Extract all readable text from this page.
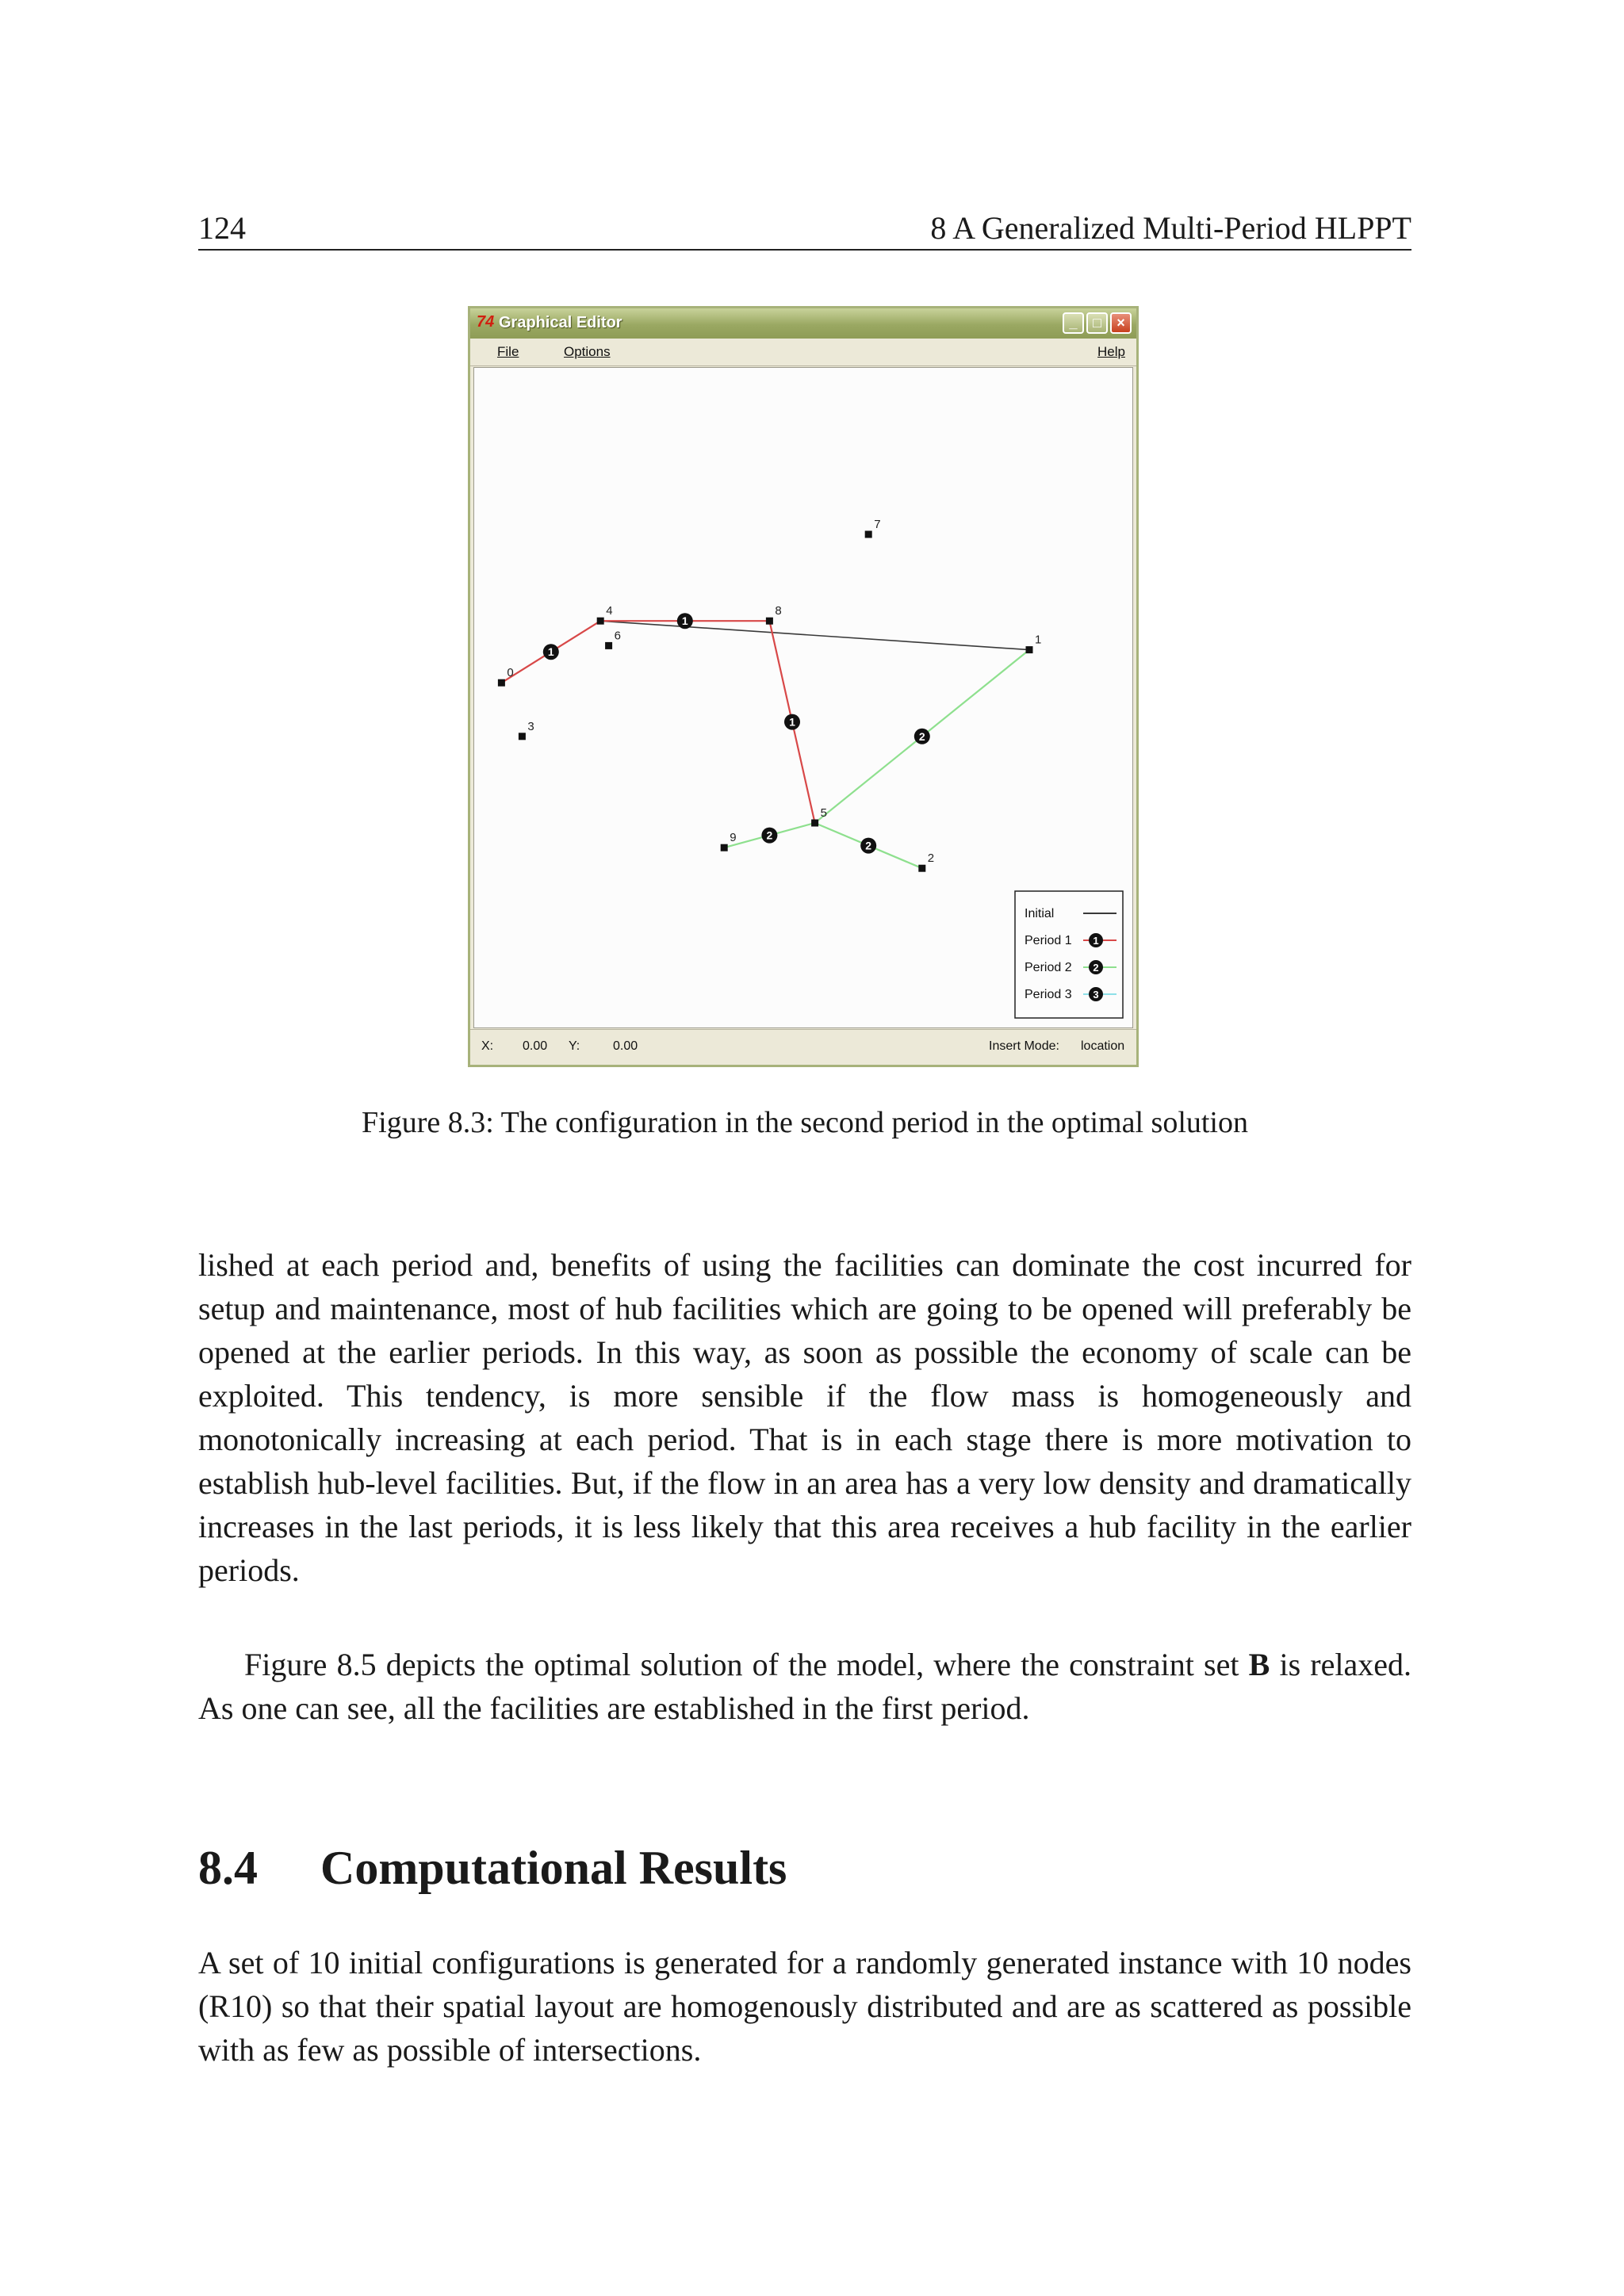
124	8 A Generalized Multi-Period HLPPT
74 Graphical Editor	_	□	×
File	Options	Help
1
1
1
2
2
2
0
1
2
3
4
5
6
7
8
9
Initial
Period 1 1
Period 2 2
Period 3 3
X: 0.00 Y:	0.00	Insert Mode: location
Figure 8.3: The configuration in the second period in the optimal solution

lished at each period and, benefits of using the facilities can dominate the cost incurred for setup and maintenance, most of hub facilities which are going to be opened will preferably be opened at the earlier periods. In this way, as soon as possible the economy of scale can be exploited. This tendency, is more sensible if the flow mass is homogeneously and monotonically increasing at each period. That is in each stage there is more motivation to establish hub-level facilities. But, if the flow in an area has a very low density and dramatically increases in the last periods, it is less likely that this area receives a hub facility in the earlier periods.

Figure 8.5 depicts the optimal solution of the model, where the constraint set B is relaxed. As one can see, all the facilities are established in the first period.

8.4 Computational Results

A set of 10 initial configurations is generated for a randomly generated instance with 10 nodes (R10) so that their spatial layout are homogenously distributed and are as scattered as possible with as few as possible of intersections.
